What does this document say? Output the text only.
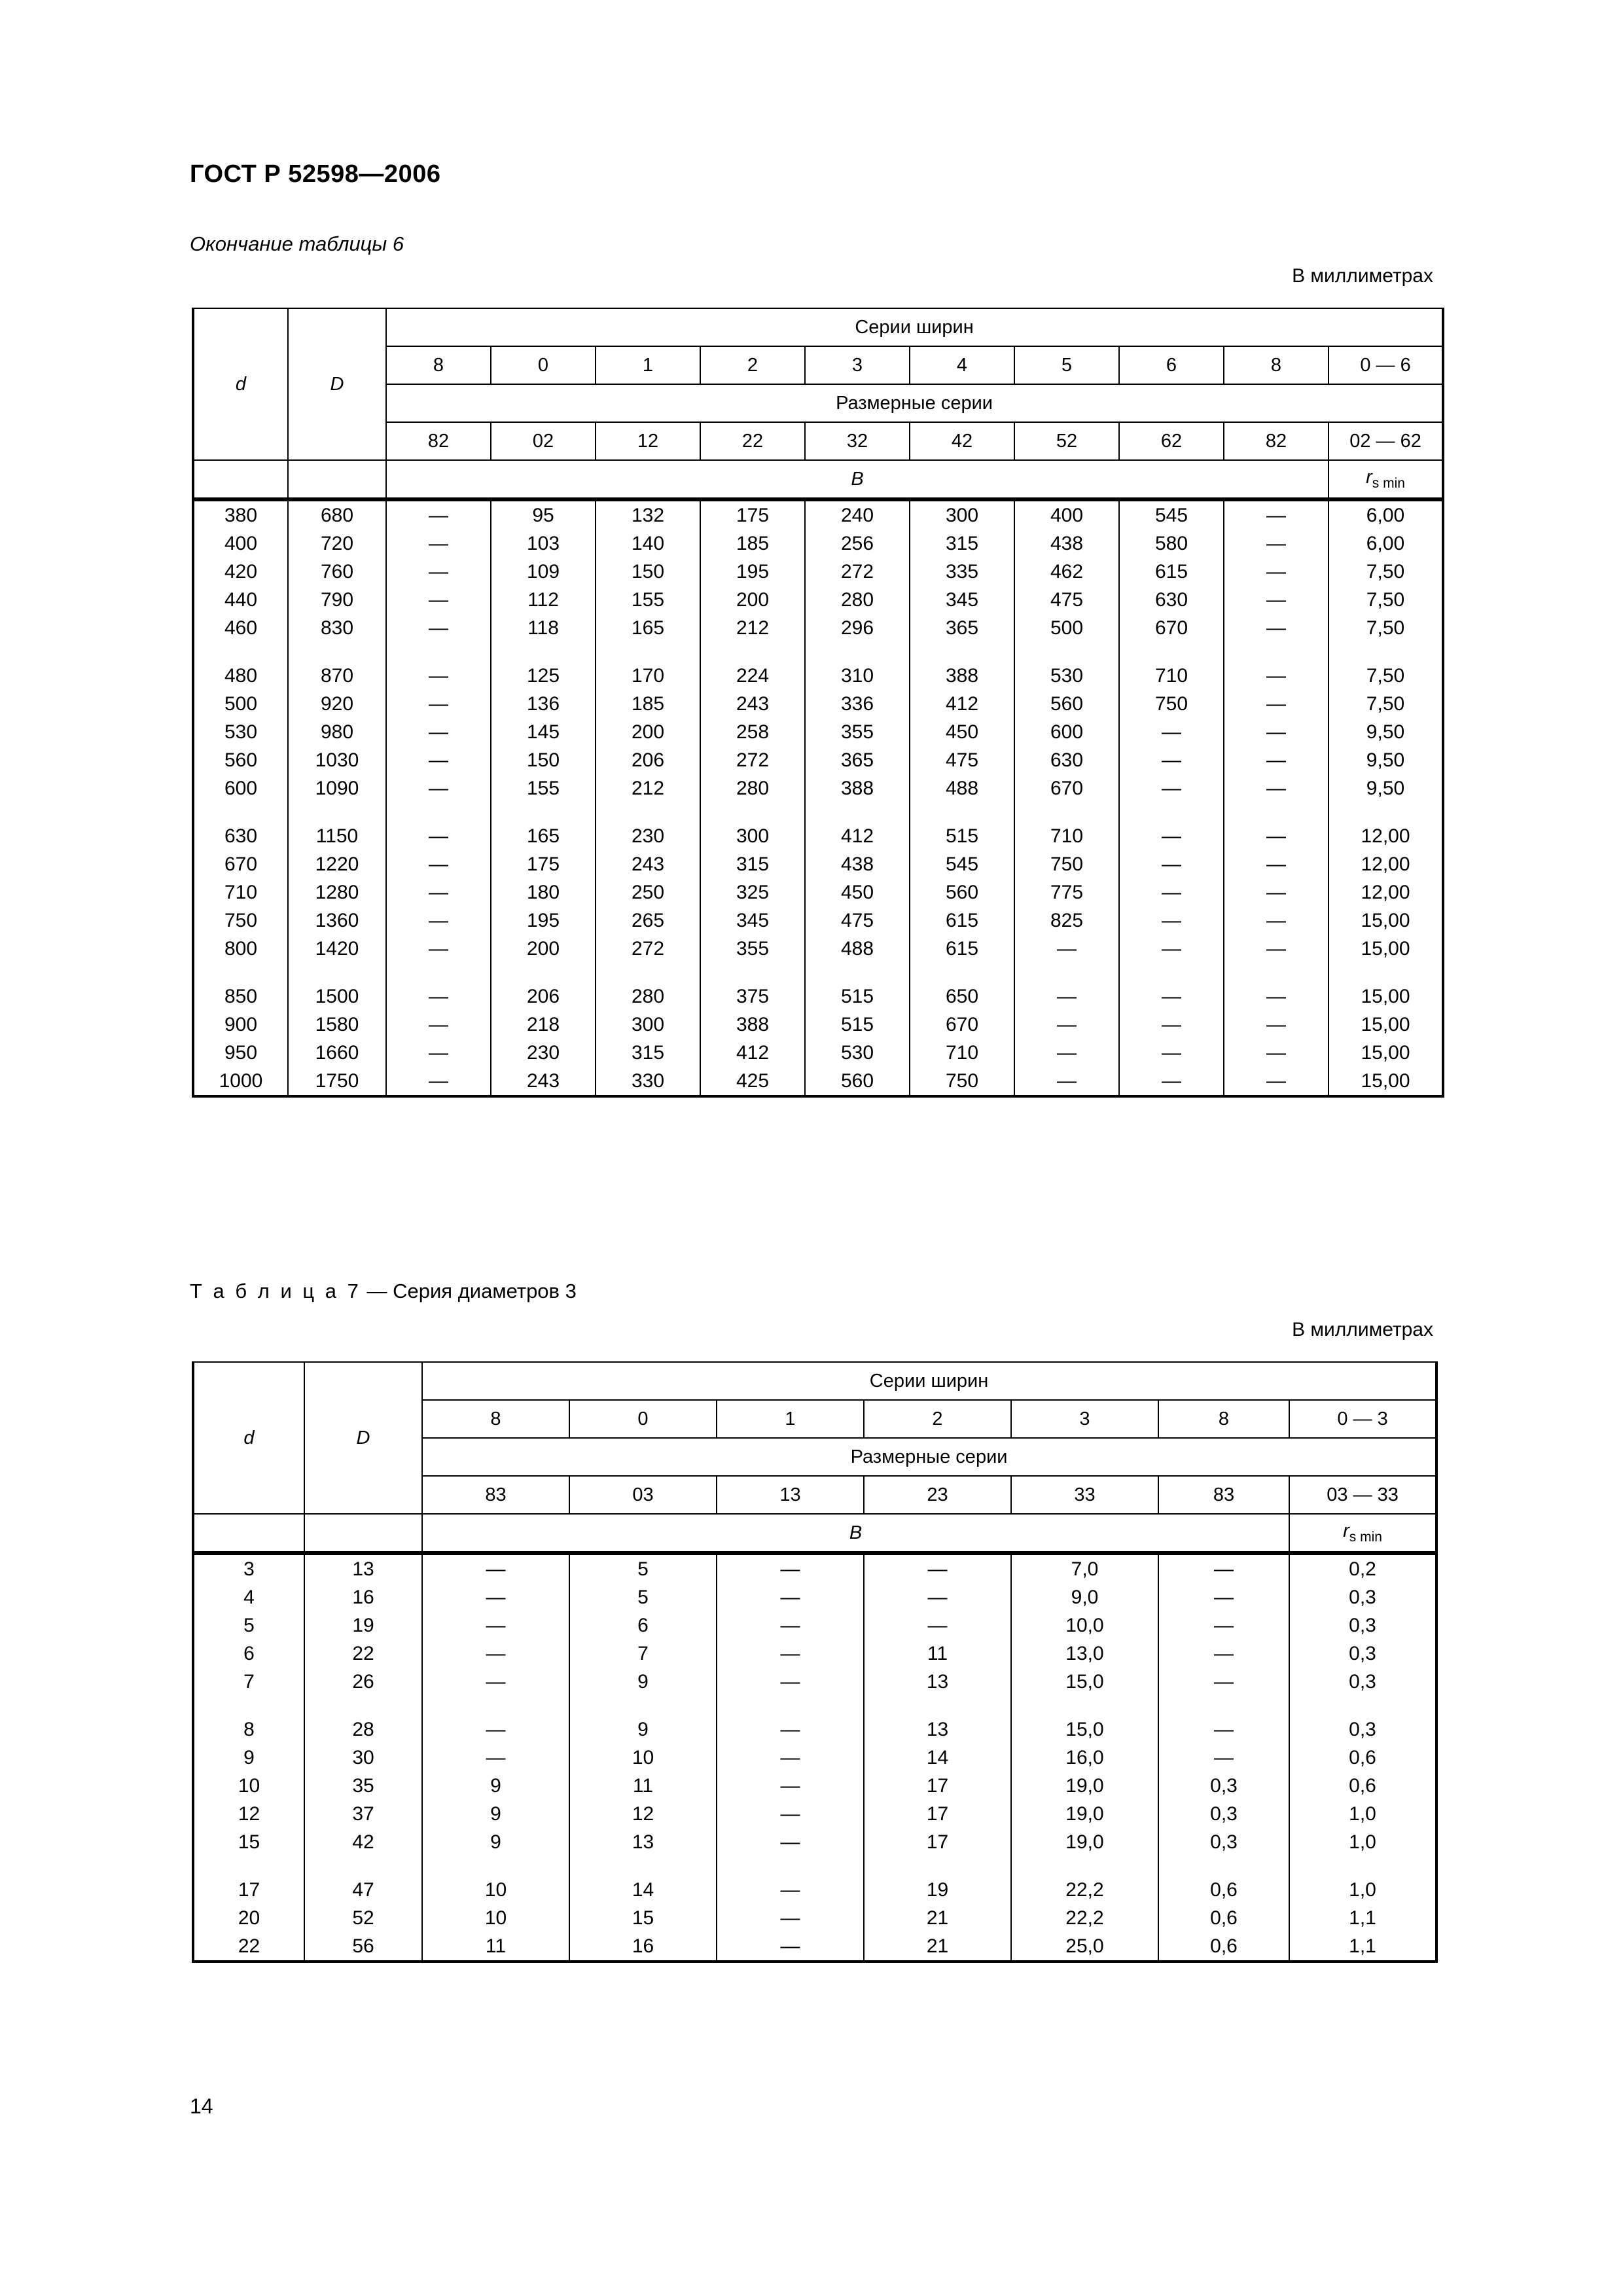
ГОСТ Р 52598—2006
Окончание таблицы 6
В миллиметрах
d	D	Серии ширин									
		8	0	1	2	3	4	5	6	8	0 — 6
		Размерные серии									
		82	02	12	22	32	42	52	62	82	02 — 62
		B									$r_{s min}$
380	680	—	95	132	175	240	300	400	545	—	6,00
400	720	—	103	140	185	256	315	438	580	—	6,00
420	760	—	109	150	195	272	335	462	615	—	7,50
440	790	—	112	155	200	280	345	475	630	—	7,50
460	830	—	118	165	212	296	365	500	670	—	7,50

480	870	—	125	170	224	310	388	530	710	—	7,50
500	920	—	136	185	243	336	412	560	750	—	7,50
530	980	—	145	200	258	355	450	600	—	—	9,50
560	1030	—	150	206	272	365	475	630	—	—	9,50
600	1090	—	155	212	280	388	488	670	—	—	9,50

630	1150	—	165	230	300	412	515	710	—	—	12,00
670	1220	—	175	243	315	438	545	750	—	—	12,00
710	1280	—	180	250	325	450	560	775	—	—	12,00
750	1360	—	195	265	345	475	615	825	—	—	15,00
800	1420	—	200	272	355	488	615	—	—	—	15,00

850	1500	—	206	280	375	515	650	—	—	—	15,00
900	1580	—	218	300	388	515	670	—	—	—	15,00
950	1660	—	230	315	412	530	710	—	—	—	15,00
1000	1750	—	243	330	425	560	750	—	—	—	15,00
Т а б л и ц а 7 — Серия диаметров 3
В миллиметрах
d	D	Серии ширин						
		8	0	1	2	3	8	0 — 3
		Размерные серии						
		83	03	13	23	33	83	03 — 33
		B						$r_{s min}$
3	13	—	5	—	—	7,0	—	0,2
4	16	—	5	—	—	9,0	—	0,3
5	19	—	6	—	—	10,0	—	0,3
6	22	—	7	—	11	13,0	—	0,3
7	26	—	9	—	13	15,0	—	0,3

8	28	—	9	—	13	15,0	—	0,3
9	30	—	10	—	14	16,0	—	0,6
10	35	9	11	—	17	19,0	0,3	0,6
12	37	9	12	—	17	19,0	0,3	1,0
15	42	9	13	—	17	19,0	0,3	1,0

17	47	10	14	—	19	22,2	0,6	1,0
20	52	10	15	—	21	22,2	0,6	1,1
22	56	11	16	—	21	25,0	0,6	1,1
14
